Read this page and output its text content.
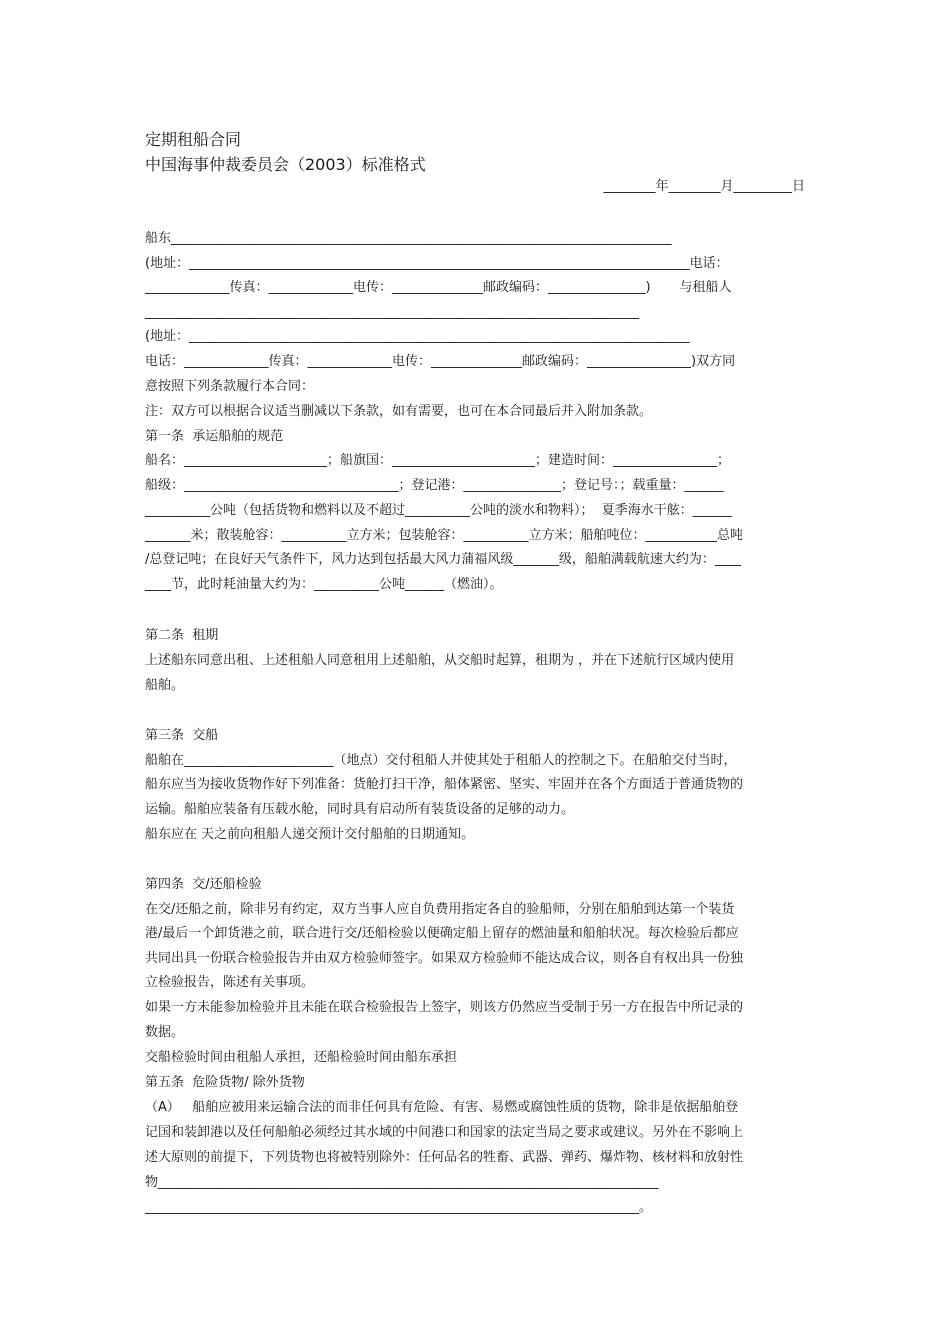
定期租船合同
中国海事仲裁委员会（2003）标准格式
________年________月_________日
船东_____________________________________________________________________________
(地址：_____________________________________________________________________________电话：
_____________传真：_____________电传：______________邮政编码：_______________)       与租船人
____________________________________________________________________________
(地址：_____________________________________________________________________________
电话：_____________传真：_____________电传：______________邮政编码：________________)双方同
意按照下列条款履行本合同：
注：双方可以根据合议适当删减以下条款，如有需要，也可在本合同最后并入附加条款。
第一条  承运船舶的规范
船名：______________________；船旗国：______________________；建造时间：________________；
船级：_________________________________；登记港：_______________；登记号：；载重量：______
__________公吨（包括货物和燃料以及不超过__________公吨的淡水和物料）；  夏季海水干舷：______
_______米；散装舱容：__________立方米；包装舱容：__________立方米；船舶吨位：___________总吨
/总登记吨；在良好天气条件下，风力达到包括最大风力蒲福风级_______级，船舶满载航速大约为：____
____节，此时耗油量大约为：__________公吨______（燃油）。
第二条  租期
上述船东同意出租、上述租船人同意租用上述船舶，从交船时起算，租期为 ，并在下述航行区域内使用
船舶。
第三条  交船
船舶在_______________________（地点）交付租船人并使其处于租船人的控制之下。在船舶交付当时，
船东应当为接收货物作好下列准备：货舱打扫干净，船体紧密、坚实、牢固并在各个方面适于普通货物的
运输。船舶应装备有压载水舱，同时具有启动所有装货设备的足够的动力。
船东应在 天之前向租船人递交预计交付船舶的日期通知。
第四条  交/还船检验
在交/还船之前，除非另有约定，双方当事人应自负费用指定各自的验船师，分别在船舶到达第一个装货
港/最后一个卸货港之前，联合进行交/还船检验以便确定船上留存的燃油量和船舶状况。每次检验后都应
共同出具一份联合检验报告并由双方检验师签字。如果双方检验师不能达成合议，则各自有权出具一份独
立检验报告，陈述有关事项。
如果一方未能参加检验并且未能在联合检验报告上签字，则该方仍然应当受制于另一方在报告中所记录的
数据。
交船检验时间由租船人承担，还船检验时间由船东承担
第五条  危险货物/ 除外货物
（A）   船舶应被用来运输合法的而非任何具有危险、有害、易燃或腐蚀性质的货物，除非是依据船舶登
记国和装卸港以及任何船舶必须经过其水域的中间港口和国家的法定当局之要求或建议。另外在不影响上
述大原则的前提下，下列货物也将被特别除外：任何品名的牲畜、武器、弹药、爆炸物、核材料和放射性
物_____________________________________________________________________________
____________________________________________________________________________。
